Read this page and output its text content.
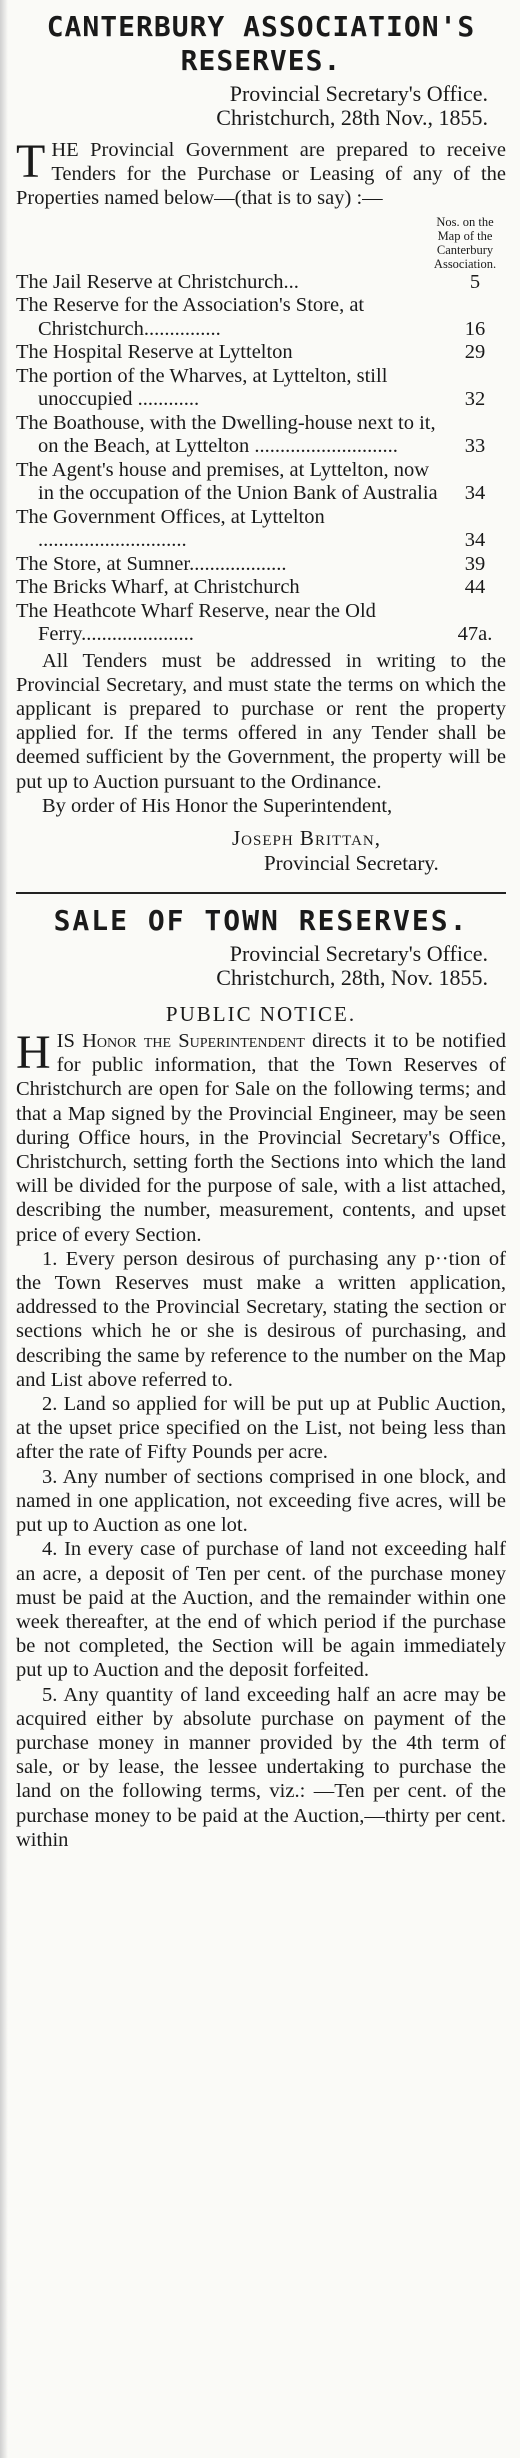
CANTERBURY ASSOCIATION'S RESERVES.
Provincial Secretary's Office.
Christchurch, 28th Nov., 1855.

THE Provincial Government are prepared to receive Tenders for the Purchase or Leasing of any of the Properties named below—(that is to say) :—

Nos. on the Map of the Canterbury Association.
The Jail Reserve at Christchurch...	5
The Reserve for the Association's Store, at Christchurch...............	16
The Hospital Reserve at Lyttelton	29
The portion of the Wharves, at Lyttelton, still unoccupied ............	32
The Boathouse, with the Dwelling-house next to it, on the Beach, at Lyttelton ............................	33
The Agent's house and premises, at Lyttelton, now in the occupation of the Union Bank of Australia	34
The Government Offices, at Lyttelton .............................	34
The Store, at Sumner...................	39
The Bricks Wharf, at Christchurch	44
The Heathcote Wharf Reserve, near the Old Ferry......................	47a.

All Tenders must be addressed in writing to the Provincial Secretary, and must state the terms on which the applicant is prepared to purchase or rent the property applied for. If the terms offered in any Tender shall be deemed sufficient by the Government, the property will be put up to Auction pursuant to the Ordinance.

By order of His Honor the Superintendent,

Joseph Brittan,
Provincial Secretary.
SALE OF TOWN RESERVES.
Provincial Secretary's Office.
Christchurch, 28th, Nov. 1855.
PUBLIC NOTICE.

HIS Honor the Superintendent directs it to be notified for public information, that the Town Reserves of Christchurch are open for Sale on the following terms; and that a Map signed by the Provincial Engineer, may be seen during Office hours, in the Provincial Secretary's Office, Christchurch, setting forth the Sections into which the land will be divided for the purpose of sale, with a list attached, describing the number, measurement, contents, and upset price of every Section.

1. Every person desirous of purchasing any p··tion of the Town Reserves must make a written application, addressed to the Provincial Secretary, stating the section or sections which he or she is desirous of purchasing, and describing the same by reference to the number on the Map and List above referred to.

2. Land so applied for will be put up at Public Auction, at the upset price specified on the List, not being less than after the rate of Fifty Pounds per acre.

3. Any number of sections comprised in one block, and named in one application, not exceeding five acres, will be put up to Auction as one lot.

4. In every case of purchase of land not exceeding half an acre, a deposit of Ten per cent. of the purchase money must be paid at the Auction, and the remainder within one week thereafter, at the end of which period if the purchase be not completed, the Section will be again immediately put up to Auction and the deposit forfeited.

5. Any quantity of land exceeding half an acre may be acquired either by absolute purchase on payment of the purchase money in manner provided by the 4th term of sale, or by lease, the lessee undertaking to purchase the land on the following terms, viz.: —Ten per cent. of the purchase money to be paid at the Auction,—thirty per cent. within
